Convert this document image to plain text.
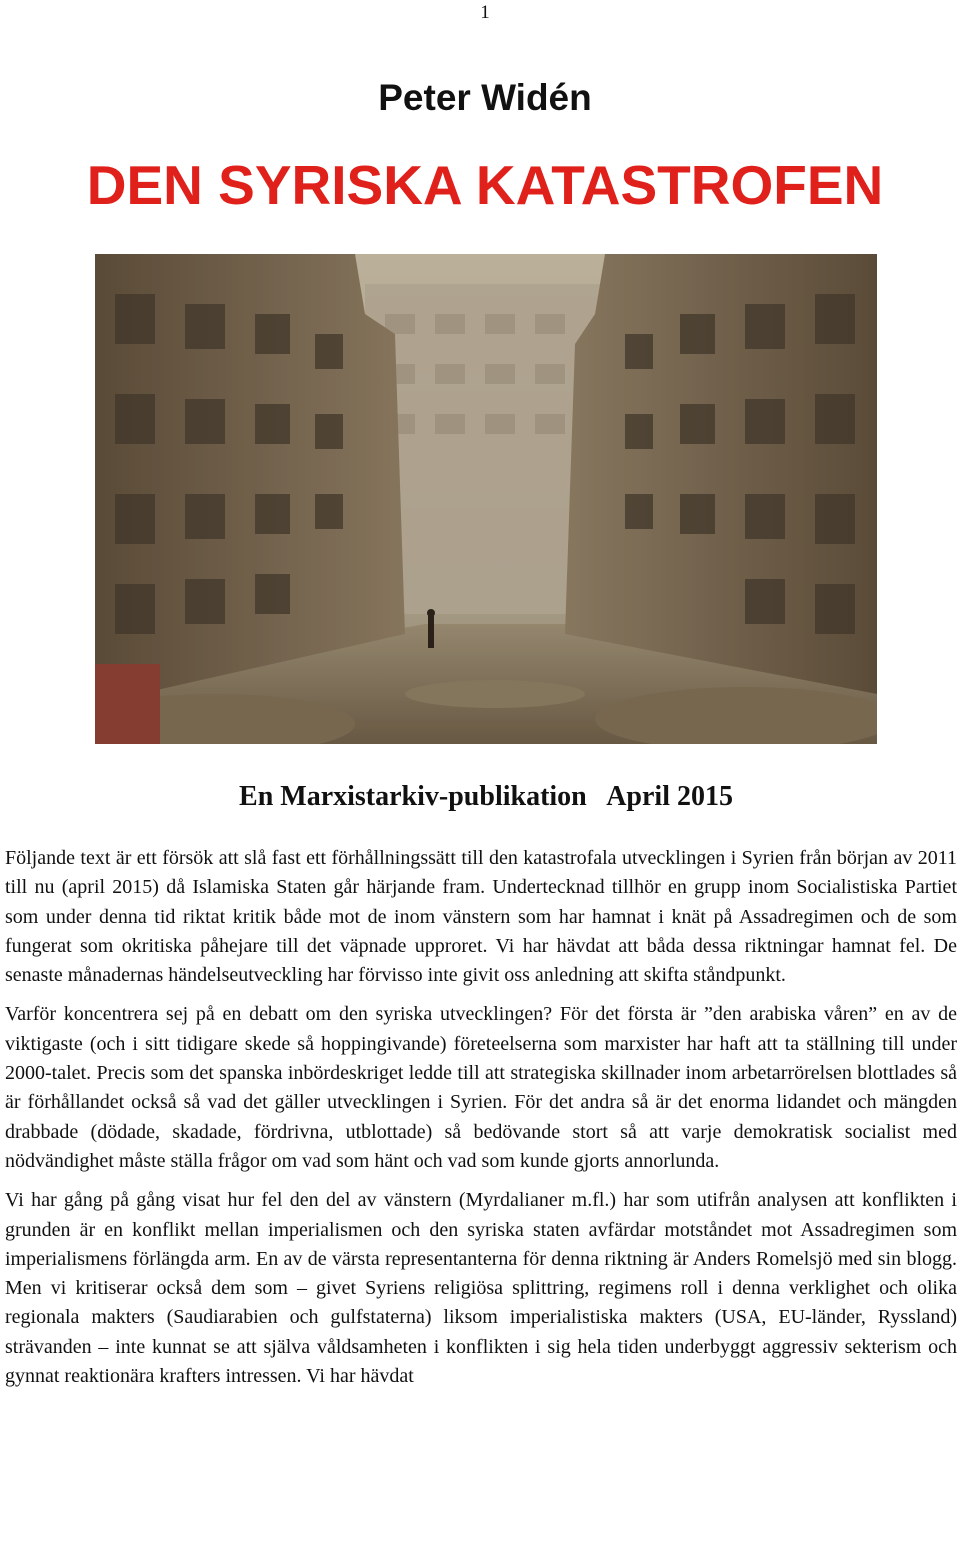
1
Peter Widén
DEN SYRISKA KATASTROFEN
En Marxistarkiv-publikation   April 2015

Följande text är ett försök att slå fast ett förhållningssätt till den katastrofala utvecklingen i Syrien från början av 2011 till nu (april 2015) då Islamiska Staten går härjande fram. Undertecknad tillhör en grupp inom Socialistiska Partiet som under denna tid riktat kritik både mot de inom vänstern som har hamnat i knät på Assadregimen och de som fungerat som okritiska påhejare till det väpnade upproret. Vi har hävdat att båda dessa riktningar hamnat fel. De senaste månadernas händelseutveckling har förvisso inte givit oss anledning att skifta ståndpunkt.

Varför koncentrera sej på en debatt om den syriska utvecklingen? För det första är ”den arabiska våren” en av de viktigaste (och i sitt tidigare skede så hoppingivande) företeelserna som marxister har haft att ta ställning till under 2000-talet. Precis som det spanska inbördeskriget ledde till att strategiska skillnader inom arbetarrörelsen blottlades så är förhållandet också så vad det gäller utvecklingen i Syrien. För det andra så är det enorma lidandet och mängden drabbade (dödade, skadade, fördrivna, utblottade) så bedövande stort så att varje demokratisk socialist med nödvändighet måste ställa frågor om vad som hänt och vad som kunde gjorts annorlunda.

Vi har gång på gång visat hur fel den del av vänstern (Myrdalianer m.fl.) har som utifrån analysen att konflikten i grunden är en konflikt mellan imperialismen och den syriska staten avfärdar motståndet mot Assadregimen som imperialismens förlängda arm. En av de värsta representanterna för denna riktning är Anders Romelsjö med sin blogg. Men vi kritiserar också dem som – givet Syriens religiösa splittring, regimens roll i denna verklighet och olika regionala makters (Saudiarabien och gulfstaterna) liksom imperialistiska makters (USA, EU-länder, Ryssland) strävanden – inte kunnat se att själva våldsamheten i konflikten i sig hela tiden underbyggt aggressiv sekterism och gynnat reaktionära krafters intressen. Vi har hävdat
